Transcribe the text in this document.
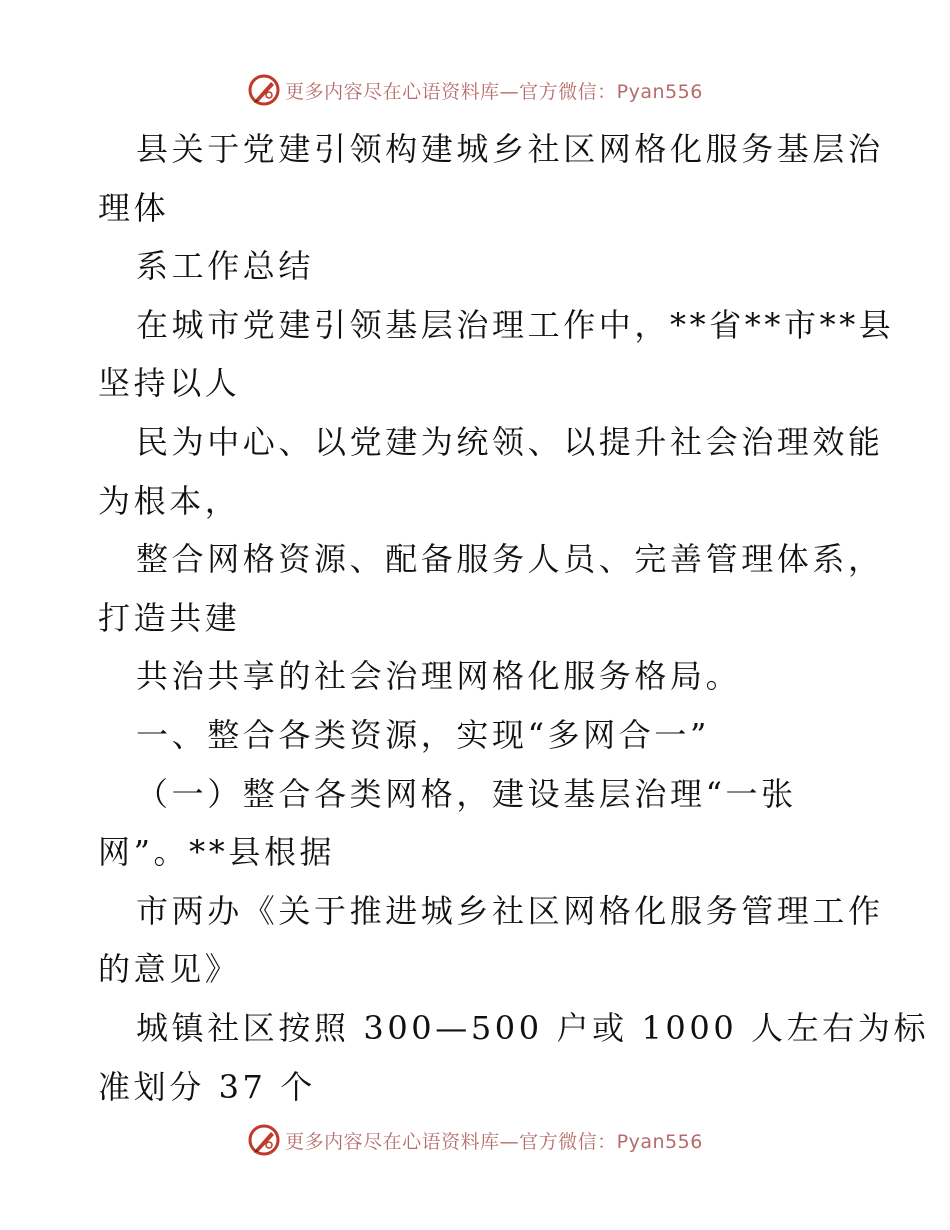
更多内容尽在心语资料库—官方微信：Pyan556
县关于党建引领构建城乡社区网格化服务基层治
理体
系工作总结
在城市党建引领基层治理工作中，**省**市**县
坚持以人
民为中心、以党建为统领、以提升社会治理效能
为根本，
整合网格资源、配备服务人员、完善管理体系，
打造共建
共治共享的社会治理网格化服务格局。
一、整合各类资源，实现“多网合一”
（一）整合各类网格，建设基层治理“一张
网”。**县根据
市两办《关于推进城乡社区网格化服务管理工作
的意见》
城镇社区按照 300—500 户或 1000 人左右为标
准划分 37 个
更多内容尽在心语资料库—官方微信：Pyan556
